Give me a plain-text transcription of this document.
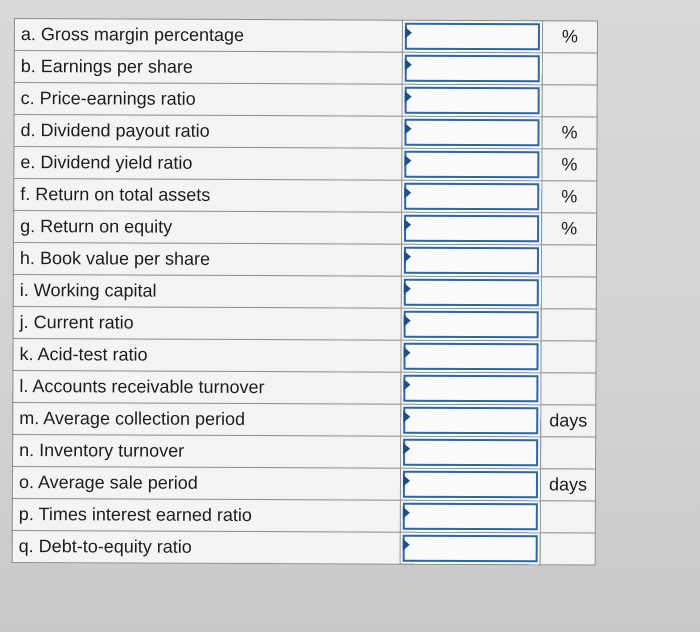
a. Gross margin percentage		%
b. Earnings per share	

c. Price-earnings ratio	

d. Dividend payout ratio		%
e. Dividend yield ratio		%
f. Return on total assets		%
g. Return on equity		%
h. Book value per share	

i. Working capital	

j. Current ratio	

k. Acid-test ratio	

l. Accounts receivable turnover	

m. Average collection period		days
n. Inventory turnover	

o. Average sale period		days
p. Times interest earned ratio	

q. Debt-to-equity ratio	
